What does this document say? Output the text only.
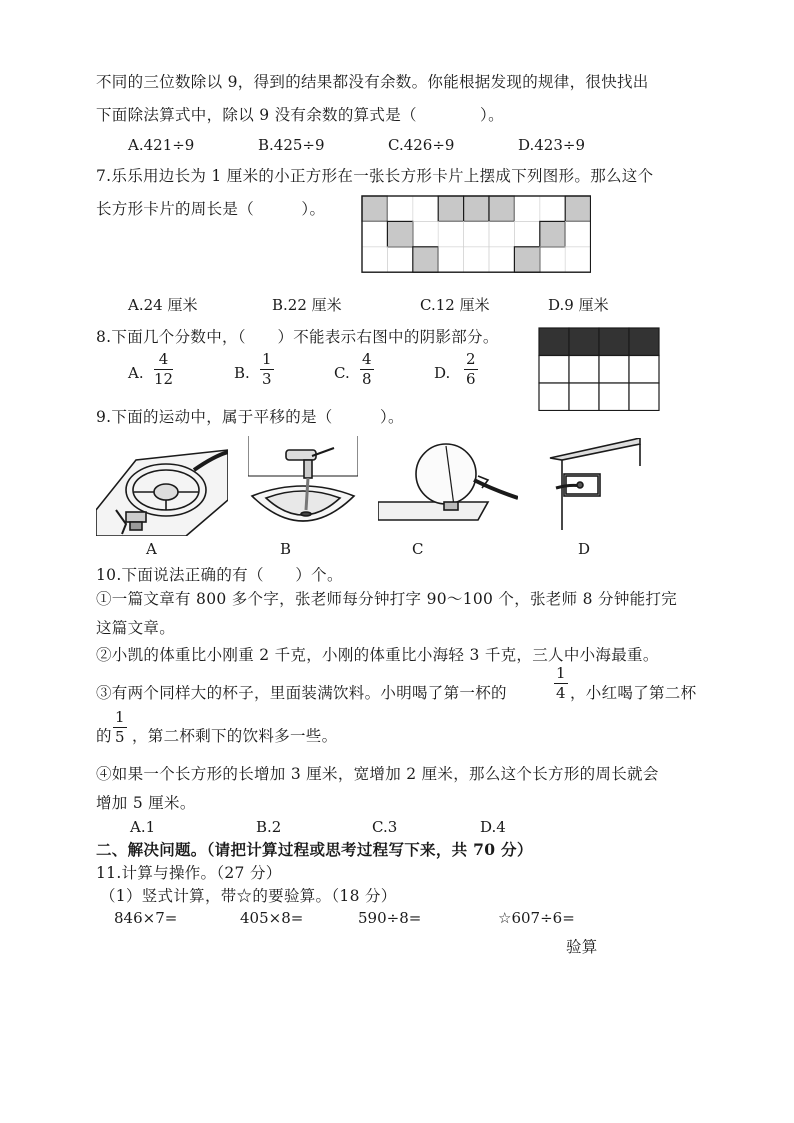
不同的三位数除以 9，得到的结果都没有余数。你能根据发现的规律，很快找出
下面除法算式中，除以 9 没有余数的算式是（　　　　）。
A.421÷9	B.425÷9	C.426÷9	D.423÷9
7.乐乐用边长为 1 厘米的小正方形在一张长方形卡片上摆成下列图形。那么这个
长方形卡片的周长是（　　　）。
A.24 厘米	B.22 厘米	C.12 厘米	D.9 厘米
8.下面几个分数中，（　　）不能表示右图中的阴影部分。
A. $\frac{4}{12}$	B. $\frac{1}{3}$	C. $\frac{4}{8}$	D. $\frac{2}{6}$
9.下面的运动中，属于平移的是（　　　）。
A	B	C	D
10.下面说法正确的有（　　）个。
①一篇文章有 800 多个字，张老师每分钟打字 90～100 个，张老师 8 分钟能打完
这篇文章。
②小凯的体重比小刚重 2 千克，小刚的体重比小海轻 3 千克，三人中小海最重。
③有两个同样大的杯子，里面装满饮料。小明喝了第一杯的	$\frac{1}{4}$ ，小红喝了第二杯
的 $\frac{1}{5}$ ，第二杯剩下的饮料多一些。
④如果一个长方形的长增加 3 厘米，宽增加 2 厘米，那么这个长方形的周长就会
增加 5 厘米。
A.1	B.2	C.3	D.4
二、解决问题。（请把计算过程或思考过程写下来，共 70 分）
11.计算与操作。（27 分）
（1）竖式计算，带☆的要验算。（18 分）
846×7=	405×8=	590÷8=	☆607÷6=
验算
